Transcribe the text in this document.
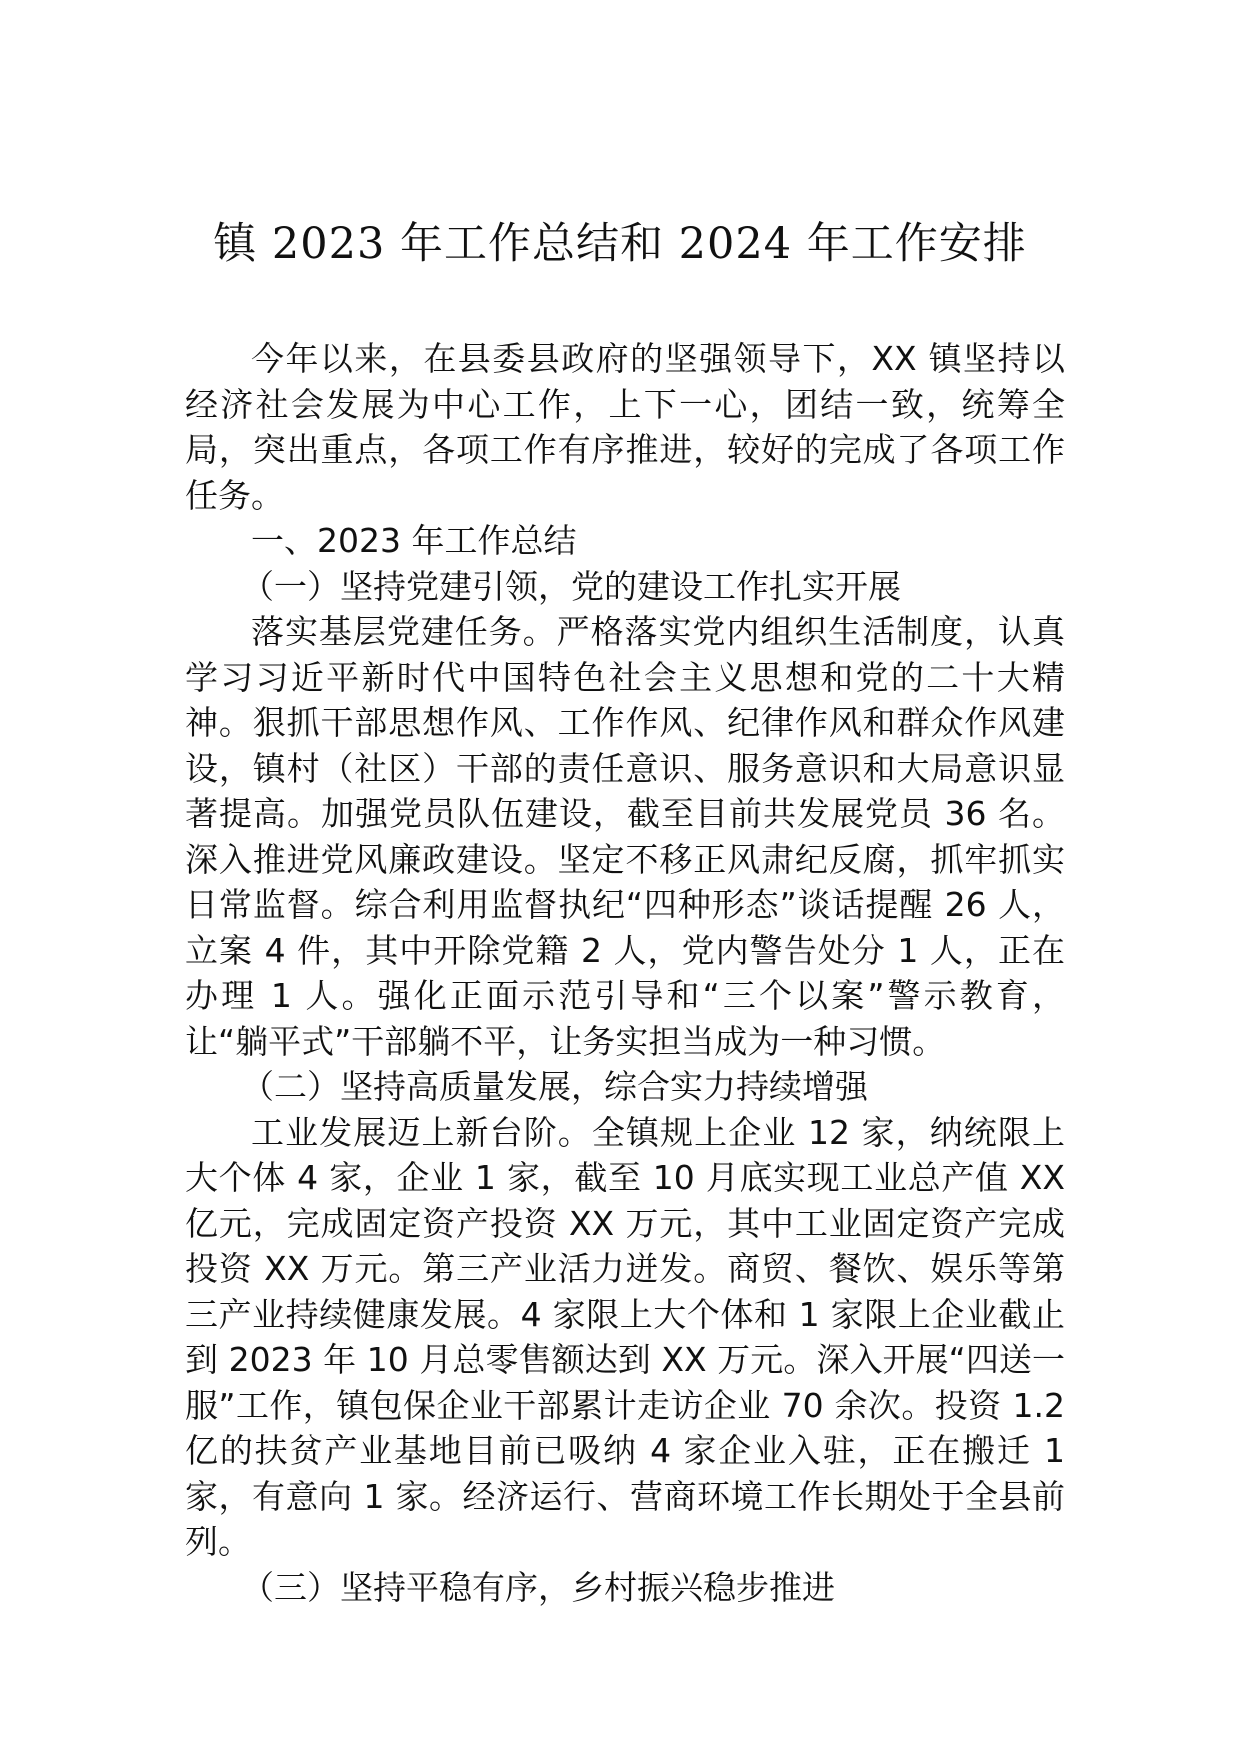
镇 2023 年工作总结和 2024 年工作安排

今年以来，在县委县政府的坚强领导下，XX 镇坚持以经济社会发展为中心工作，上下一心，团结一致，统筹全局，突出重点，各项工作有序推进，较好的完成了各项工作任务。

一、2023 年工作总结

（一）坚持党建引领，党的建设工作扎实开展

落实基层党建任务。严格落实党内组织生活制度，认真学习习近平新时代中国特色社会主义思想和党的二十大精神。狠抓干部思想作风、工作作风、纪律作风和群众作风建设，镇村（社区）干部的责任意识、服务意识和大局意识显著提高。加强党员队伍建设，截至目前共发展党员 36 名。深入推进党风廉政建设。坚定不移正风肃纪反腐，抓牢抓实日常监督。综合利用监督执纪“四种形态”谈话提醒 26 人，立案 4 件，其中开除党籍 2 人，党内警告处分 1 人，正在办理 1 人。强化正面示范引导和“三个以案”警示教育，让“躺平式”干部躺不平，让务实担当成为一种习惯。

（二）坚持高质量发展，综合实力持续增强

工业发展迈上新台阶。全镇规上企业 12 家，纳统限上大个体 4 家，企业 1 家，截至 10 月底实现工业总产值 XX 亿元，完成固定资产投资 XX 万元，其中工业固定资产完成投资 XX 万元。第三产业活力迸发。商贸、餐饮、娱乐等第三产业持续健康发展。4 家限上大个体和 1 家限上企业截止到 2023 年 10 月总零售额达到 XX 万元。深入开展“四送一服”工作，镇包保企业干部累计走访企业 70 余次。投资 1.2 亿的扶贫产业基地目前已吸纳 4 家企业入驻，正在搬迁 1 家，有意向 1 家。经济运行、营商环境工作长期处于全县前列。

（三）坚持平稳有序，乡村振兴稳步推进
